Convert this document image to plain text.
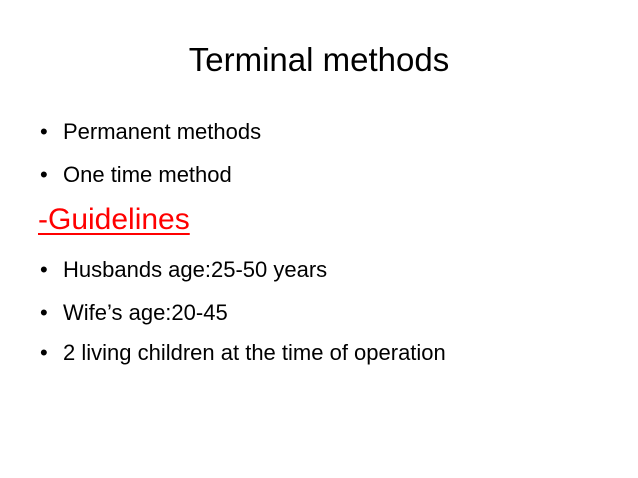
Terminal methods
• Permanent methods
• One time method
-Guidelines
• Husbands age:25-50 years
• Wife’s age:20-45
• 2 living children at the time of operation
